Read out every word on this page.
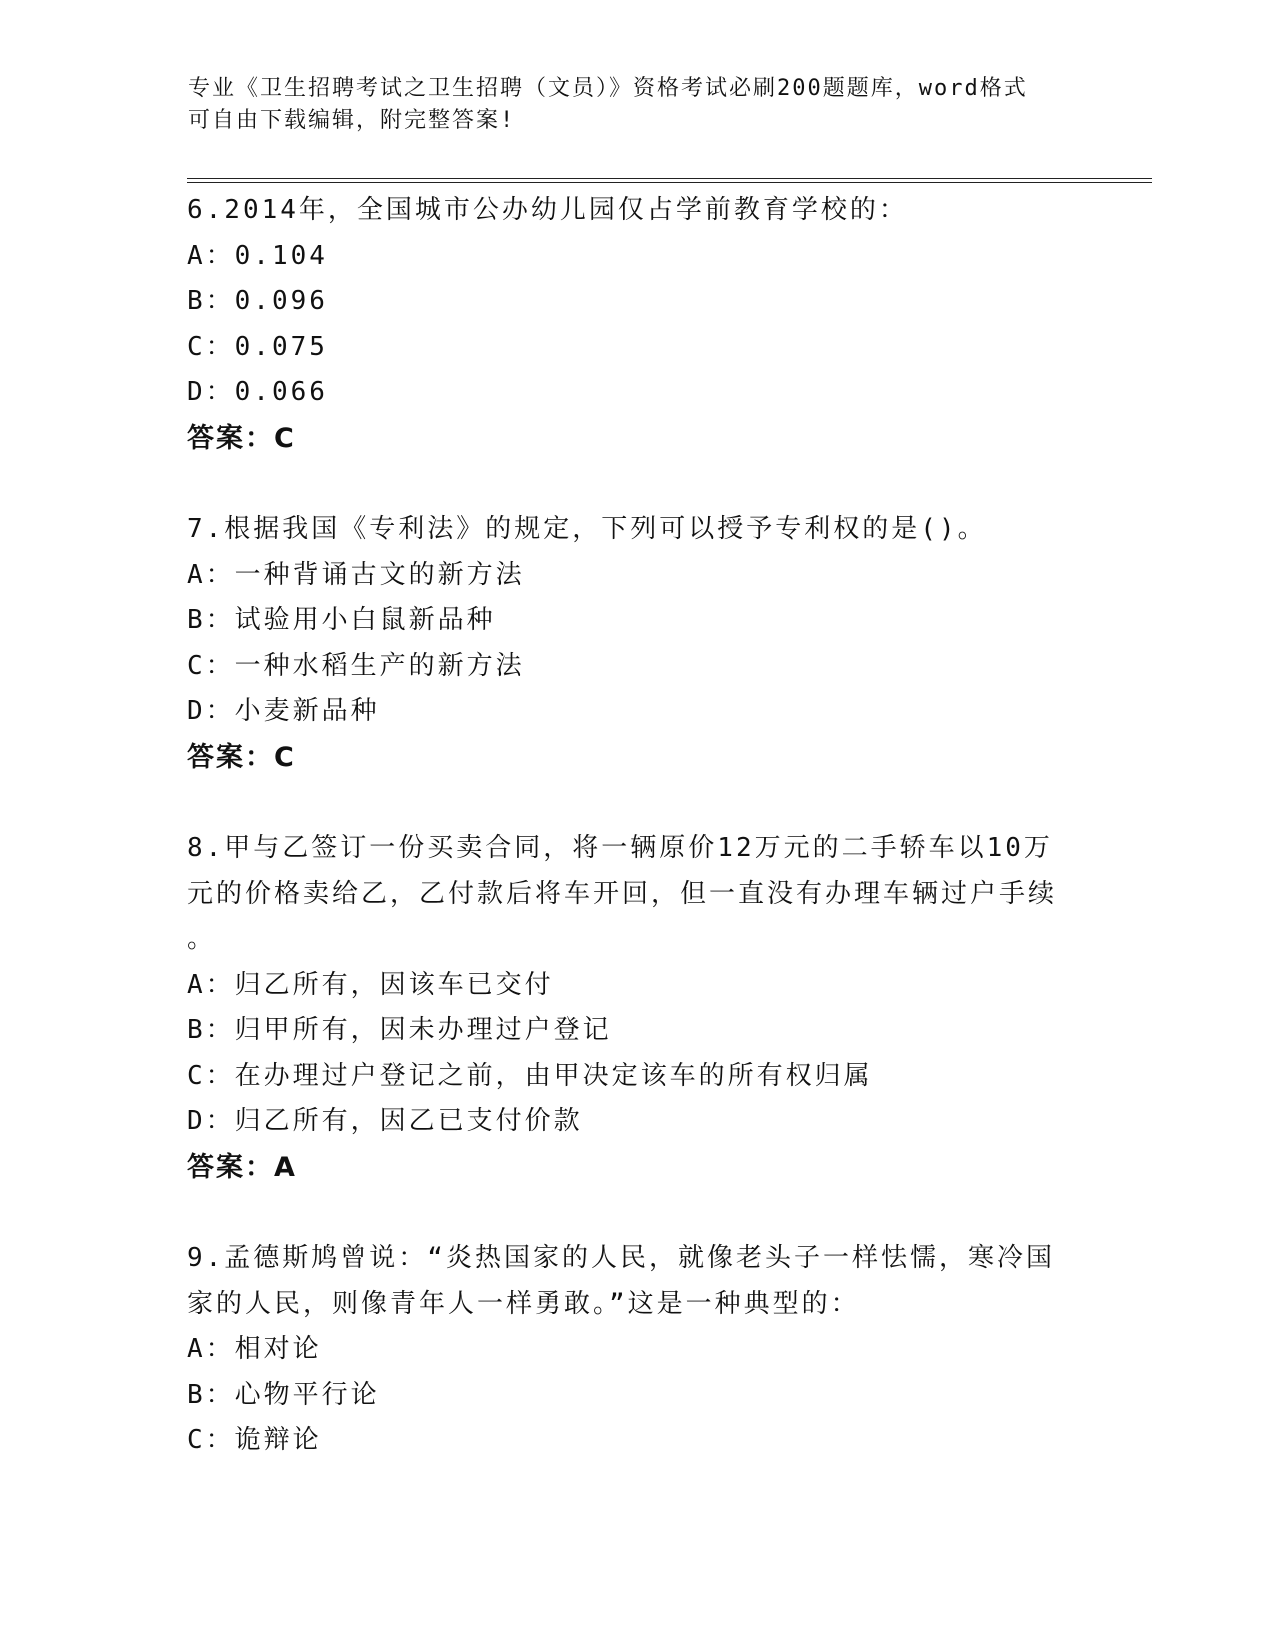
专业《卫生招聘考试之卫生招聘（文员）》资格考试必刷200题题库，word格式
可自由下载编辑，附完整答案!
6.2014年，全国城市公办幼儿园仅占学前教育学校的：
A：0.104
B：0.096
C：0.075
D：0.066
答案：C
7.根据我国《专利法》的规定，下列可以授予专利权的是()。
A：一种背诵古文的新方法
B：试验用小白鼠新品种
C：一种水稻生产的新方法
D：小麦新品种
答案：C
8.甲与乙签订一份买卖合同，将一辆原价12万元的二手轿车以10万
元的价格卖给乙，乙付款后将车开回，但一直没有办理车辆过户手续
。
A：归乙所有，因该车已交付
B：归甲所有，因未办理过户登记
C：在办理过户登记之前，由甲决定该车的所有权归属
D：归乙所有，因乙已支付价款
答案：A
9.孟德斯鸠曾说：“炎热国家的人民，就像老头子一样怯懦，寒冷国
家的人民，则像青年人一样勇敢。”这是一种典型的：
A：相对论
B：心物平行论
C：诡辩论
